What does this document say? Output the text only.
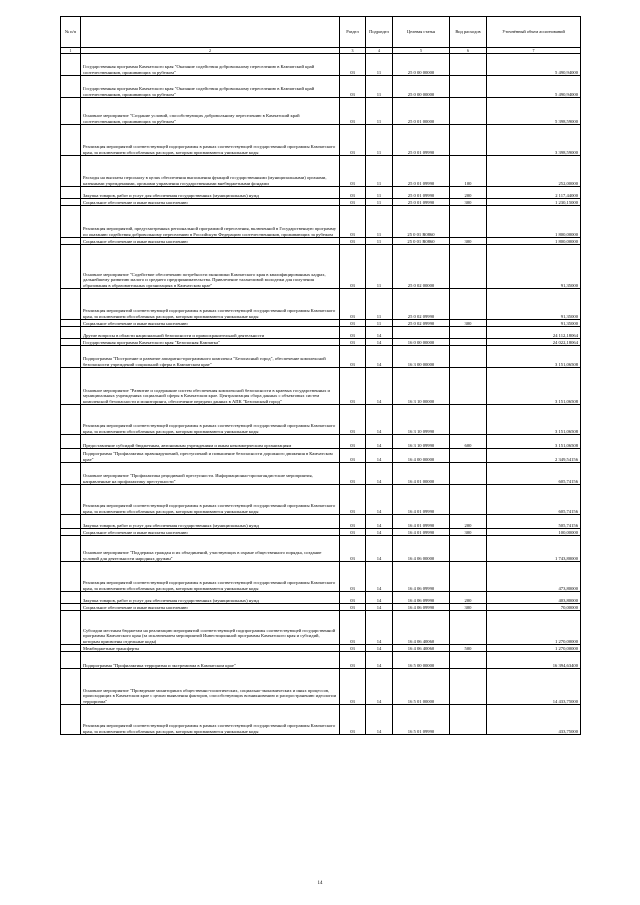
№ п/п		Раздел	Подраздел	Целевая статья	Вид расходов	Уточнённый объем ассигнований
1	2	3	4	5	6	7
	Государственная программа Камчатского края "Оказание содействия добровольному переселению в Камчатский край соотечественников, проживающих за рубежом"	03	11	25 0 00 00000		5 490,94000
	Государственная программа Камчатского края "Оказание содействия добровольному переселению в Камчатский край соотечественников, проживающих за рубежом"	03	11	25 0 00 00000		5 490,94000
	Основное мероприятие "Создание условий, способствующих добровольному переселению в Камчатский край соотечественников, проживающих за рубежом"	03	11	25 0 01 00000		5 398,59000
	Реализация мероприятий соответствующей подпрограммы в рамках соответствующей государственной программы Камчатского края, за исключением обособленных расходов, которым присваиваются уникальные коды	03	11	25 0 01 09990		3 398,59000
	Расходы на выплаты персоналу в целях обеспечения выполнения функций государственными (муниципальными) органами, казенными учреждениями, органами управления государственными внебюджетными фондами	03	11	25 0 01 09990	100	252,00000
	Закупка товаров, работ и услуг для обеспечения государственных (муниципальных) нужд	03	11	25 0 01 09990	200	2 117,44000
	Социальное обеспечение и иные выплаты населению	03	11	25 0 01 09990	300	1 230,15000
	Реализация мероприятий, предусмотренных региональной программой переселения, включенной в Государственную программу по оказанию содействия добровольному переселению в Российскую Федерацию соотечественников, проживающих за рубежом	03	11	25 0 01 R0860		1 800,00000
	Социальное обеспечение и иные выплаты населению	03	11	25 0 01 R0860	300	1 800,00000
	Основное мероприятие "Содействие обеспечению потребности экономики Камчатского края в квалифицированных кадрах, дальнейшему развитию малого и среднего предпринимательства. Привлечение талантливой молодежи для получения образования в образовательных организациях в Камчатском крае"	03	11	25 0 02 00000		91,35000
	Реализация мероприятий соответствующей подпрограммы в рамках соответствующей государственной программы Камчатского края, за исключением обособленных расходов, которым присваиваются уникальные коды	03	11	25 0 02 09990		91,35000
	Социальное обеспечение и иные выплаты населению	03	11	25 0 02 09990	300	91,35000
	Другие вопросы в области национальной безопасности и правоохранительной деятельности	03	14			24 112,18064
	Государственная программа Камчатского края "Безопасная Камчатка"	03	14	16 0 00 00000		24 022,18064
	Подпрограмма "Построение и развитие аппаратно-программного комплекса "Безопасный город", обеспечение комплексной безопасности учреждений социальной сферы в Камчатском крае"	03	14	16 3 00 00000		3 151,06508
	Основное мероприятие "Развитие и содержание систем обеспечения комплексной безопасности в краевых государственных и муниципальных учреждениях социальной сферы в Камчатском крае. Централизация сбора данных с объектовых систем комплексной безопасности и мониторинга, обеспечение передачи данных в АПК "Безопасный город"	03	14	16 3 10 00000		3 151,06508
	Реализация мероприятий соответствующей подпрограммы в рамках соответствующей государственной программы Камчатского края, за исключением обособленных расходов, которым присваиваются уникальные коды	03	14	16 3 10 09990		3 151,06508
	Предоставление субсидий бюджетным, автономным учреждениям и иным некоммерческим организациям	03	14	16 3 10 09990	600	3 151,06508
	Подпрограмма "Профилактика правонарушений, преступлений и повышение безопасности дорожного движения в Камчатском крае"	03	14	16 4 00 00000		2 349,54156
	Основное мероприятие "Профилактика рецидивной преступности. Информационно-пропагандистские мероприятия, направленные на профилактику преступности"	03	14	16 4 01 00000		605,74156
	Реализация мероприятий соответствующей подпрограммы в рамках соответствующей государственной программы Камчатского края, за исключением обособленных расходов, которым присваиваются уникальные коды	03	14	16 4 01 09990		605,74156
	Закупка товаров, работ и услуг для обеспечения государственных (муниципальных) нужд	03	14	16 4 01 09990	200	505,74156
	Социальное обеспечение и иные выплаты населению	03	14	16 4 01 09990	300	100,00000
	Основное мероприятие "Поддержка граждан и их объединений, участвующих в охране общественного порядка, создание условий для деятельности народных дружин"	03	14	16 4 06 00000		1 743,80000
	Реализация мероприятий соответствующей подпрограммы в рамках соответствующей государственной программы Камчатского края, за исключением обособленных расходов, которым присваиваются уникальные коды	03	14	16 4 06 09990		473,80000
	Закупка товаров, работ и услуг для обеспечения государственных (муниципальных) нужд	03	14	16 4 06 09990	200	403,80000
	Социальное обеспечение и иные выплаты населению	03	14	16 4 06 09990	300	70,00000
	Субсидии местным бюджетам на реализацию мероприятий соответствующей подпрограммы соответствующей государственной программы Камчатского края (за исключением мероприятий Инвестиционной программы Камчатского края и субсидий, которым присвоены отдельные коды)	03	14	16 4 06 40060		1 270,00000
	Межбюджетные трансферты	03	14	16 4 06 40060	500	1 270,00000
	Подпрограмма "Профилактика терроризма и экстремизма в Камчатском крае"	03	14	16 5 00 00000		16 394,63400
	Основное мероприятие "Проведение мониторинга общественно-политических, социально-экономических и иных процессов, происходящих в Камчатском крае с целью выявления факторов, способствующих возникновению и распространению идеологии терроризма"	03	14	16 5 01 00000		14 433,75000
	Реализация мероприятий соответствующей подпрограммы в рамках соответствующей государственной программы Камчатского края, за исключением обособленных расходов, которым присваиваются уникальные коды	03	14	16 5 01 09990		433,75000
14
